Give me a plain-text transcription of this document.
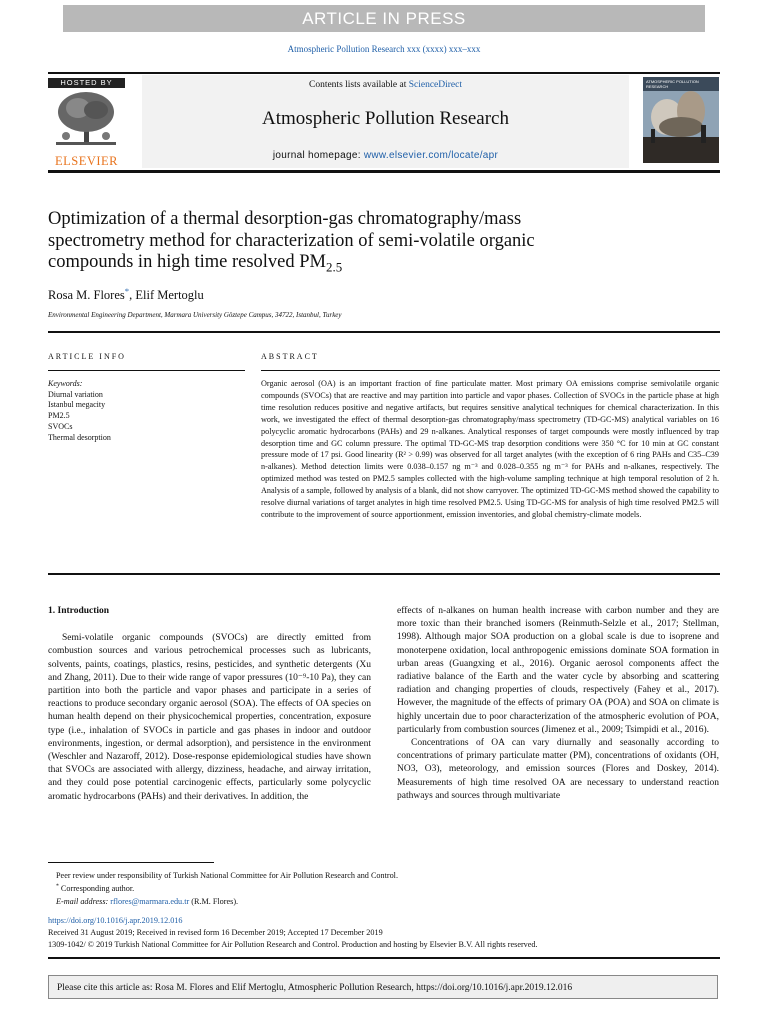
ARTICLE IN PRESS
Atmospheric Pollution Research xxx (xxxx) xxx–xxx
HOSTED BY
ELSEVIER
Contents lists available at ScienceDirect
Atmospheric Pollution Research
journal homepage: www.elsevier.com/locate/apr
ATMOSPHERIC POLLUTION RESEARCH
Optimization of a thermal desorption-gas chromatography/mass spectrometry method for characterization of semi-volatile organic compounds in high time resolved $PM_{2.5}$
Rosa M. Flores*, Elif Mertoglu
Environmental Engineering Department, Marmara University Göztepe Campus, 34722, Istanbul, Turkey
ARTICLE INFO
Keywords:
Diurnal variation
Istanbul megacity
PM2.5
SVOCs
Thermal desorption
ABSTRACT

Organic aerosol (OA) is an important fraction of fine particulate matter. Most primary OA emissions comprise semivolatile organic compounds (SVOCs) that are reactive and may partition into particle and vapor phases. Collection of SVOCs in the particle phase at high time resolution reduces positive and negative artifacts, but requires sensitive analytical techniques for chemical characterization. In this work, we investigated the effect of thermal desorption-gas chromatography/mass spectrometry (TD-GC-MS) analytical variables on 16 polycyclic aromatic hydrocarbons (PAHs) and 29 n-alkanes. Analytical responses of target compounds were mostly influenced by trap desorption time and GC column pressure. The optimal TD-GC-MS trap desorption conditions were 350 °C for 10 min at GC constant pressure mode of 17 psi. Good linearity (R² > 0.99) was observed for all target analytes (with the exception of 6 ring PAHs and C35–C39 n-alkanes). Method detection limits were 0.038–0.157 ng m⁻³ and 0.028–0.355 ng m⁻³ for PAHs and n-alkanes, respectively. The optimized method was tested on PM2.5 samples collected with the high-volume sampling technique at high temporal resolution of 2 h. Analysis of a sample, followed by analysis of a blank, did not show carryover. The optimized TD-GC-MS method showed the capability to resolve diurnal variations of target analytes in high time resolved PM2.5. Using TD-GC-MS for analysis of high time resolved PM2.5 will contribute to the improvement of source apportionment, emission inventories, and global chemistry-climate models.

1. Introduction

Semi-volatile organic compounds (SVOCs) are directly emitted from combustion sources and various petrochemical processes such as lubricants, solvents, paints, coatings, plastics, resins, pesticides, and synthetic detergents (Xu and Zhang, 2011). Due to their wide range of vapor pressures (10⁻⁹-10 Pa), they can partition into both the particle and vapor phases and participate in a series of reactions to produce secondary organic aerosol (SOA). The effects of OA species on human health depend on their physicochemical properties, concentration, exposure type (i.e., inhalation of SVOCs in particle and gas phases in indoor and outdoor environments, ingestion, or dermal adsorption), and persistence in the environment (Weschler and Nazaroff, 2012). Dose-response epidemiological studies have shown that SVOCs are associated with allergy, dizziness, headache, and airway irritation, and they could pose potential carcinogenic effects, particularly some polycyclic aromatic hydrocarbons (PAHs) and their derivatives. In addition, the

effects of n-alkanes on human health increase with carbon number and they are more toxic than their branched isomers (Reinmuth-Selzle et al., 2017; Stellman, 1998). Although major SOA production on a global scale is due to isoprene and monoterpene oxidation, local anthropogenic emissions dominate SOA formation in urban areas (Guangxing et al., 2016). Organic aerosol components affect the radiative balance of the Earth and the water cycle by absorbing and scattering radiation and changing properties of clouds, respectively (Fahey et al., 2017). However, the magnitude of the effects of primary OA (POA) and SOA on climate is highly uncertain due to poor characterization of the atmospheric evolution of POA, particularly from combustion sources (Jimenez et al., 2009; Tsimpidi et al., 2016).

Concentrations of OA can vary diurnally and seasonally according to concentrations of primary particulate matter (PM), concentrations of oxidants (OH, NO3, O3), meteorology, and emission sources (Flores and Doskey, 2014). Measurements of high time resolved OA are necessary to understand reaction pathways and sources through multivariate

Peer review under responsibility of Turkish National Committee for Air Pollution Research and Control.
* Corresponding author.
E-mail address: rflores@marmara.edu.tr (R.M. Flores).
https://doi.org/10.1016/j.apr.2019.12.016
Received 31 August 2019; Received in revised form 16 December 2019; Accepted 17 December 2019
1309-1042/ © 2019 Turkish National Committee for Air Pollution Research and Control. Production and hosting by Elsevier B.V. All rights reserved.
Please cite this article as: Rosa M. Flores and Elif Mertoglu, Atmospheric Pollution Research, https://doi.org/10.1016/j.apr.2019.12.016
